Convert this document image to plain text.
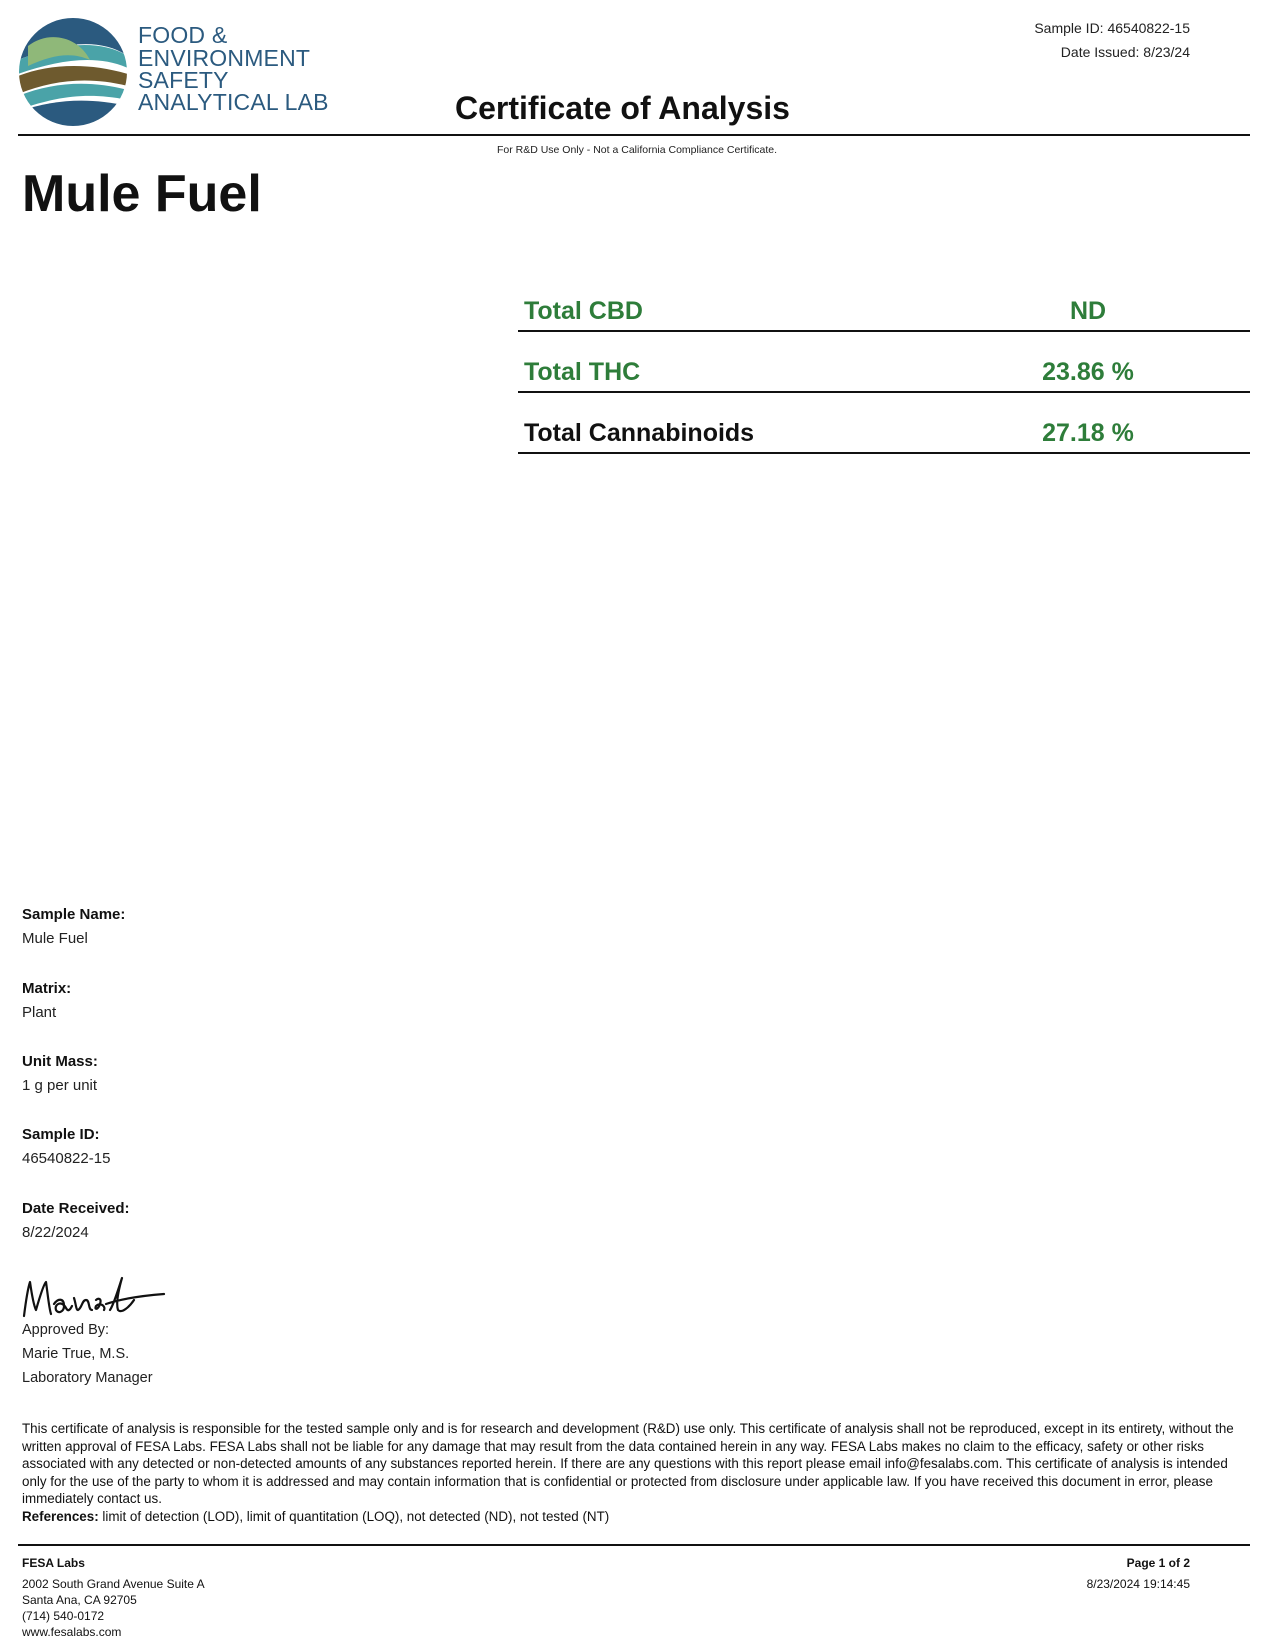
FOOD &
ENVIRONMENT
SAFETY
ANALYTICAL LAB	Certificate of Analysis
Sample ID: 46540822-15
Date Issued: 8/23/24
For R&D Use Only - Not a California Compliance Certificate.
Mule Fuel
Total CBD	ND
Total THC	23.86 %
Total Cannabinoids	27.18 %
Sample Name:
Mule Fuel
Matrix:
Plant
Unit Mass:
1 g per unit
Sample ID:
46540822-15
Date Received:
8/22/2024
Approved By:
Marie True, M.S.
Laboratory Manager
This certificate of analysis is responsible for the tested sample only and is for research and development (R&D) use only. This certificate of analysis shall not be reproduced, except in its entirety, without the written approval of FESA Labs. FESA Labs shall not be liable for any damage that may result from the data contained herein in any way. FESA Labs makes no claim to the efficacy, safety or other risks associated with any detected or non-detected amounts of any substances reported herein. If there are any questions with this report please email info@fesalabs.com. This certificate of analysis is intended only for the use of the party to whom it is addressed and may contain information that is confidential or protected from disclosure under applicable law. If you have received this document in error, please immediately contact us.
References: limit of detection (LOD), limit of quantitation (LOQ), not detected (ND), not tested (NT)
FESA Labs
2002 South Grand Avenue Suite A
Santa Ana, CA 92705
(714) 540-0172
www.fesalabs.com
Page 1 of 2
8/23/2024 19:14:45
